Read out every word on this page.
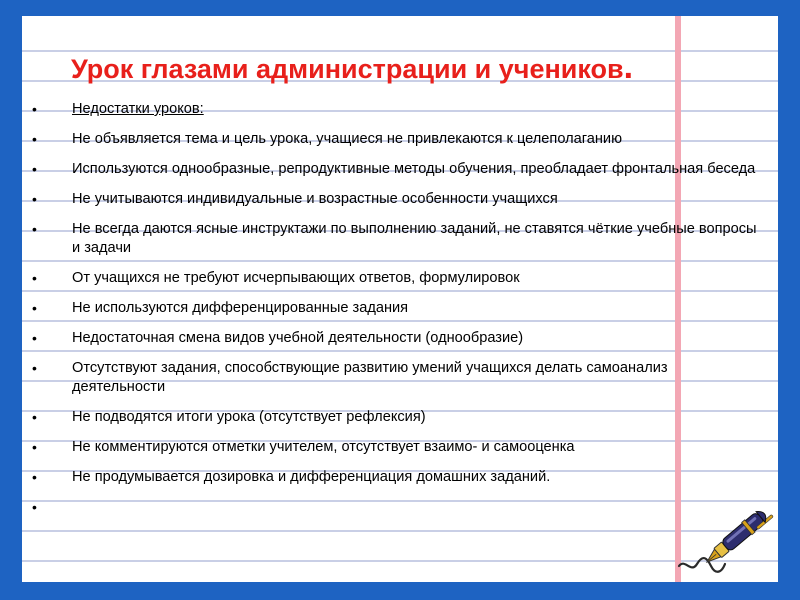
Урок глазами администрации и учеников.
• Недостатки уроков:
• Не объявляется тема и цель урока, учащиеся не привлекаются к целеполаганию
• Используются однообразные, репродуктивные методы обучения, преобладает фронтальная беседа
• Не учитываются индивидуальные и возрастные особенности учащихся
• Не всегда даются ясные инструктажи по выполнению заданий, не ставятся чёткие учебные вопросы и задачи
• От учащихся не требуют исчерпывающих ответов, формулировок
• Не используются дифференцированные задания
• Недостаточная смена видов учебной деятельности (однообразие)
• Отсутствуют задания, способствующие развитию умений учащихся делать самоанализ деятельности
• Не подводятся итоги урока (отсутствует рефлексия)
• Не комментируются отметки учителем, отсутствует взаимо- и самооценка
• Не продумывается дозировка и дифференциация домашних заданий.
•
